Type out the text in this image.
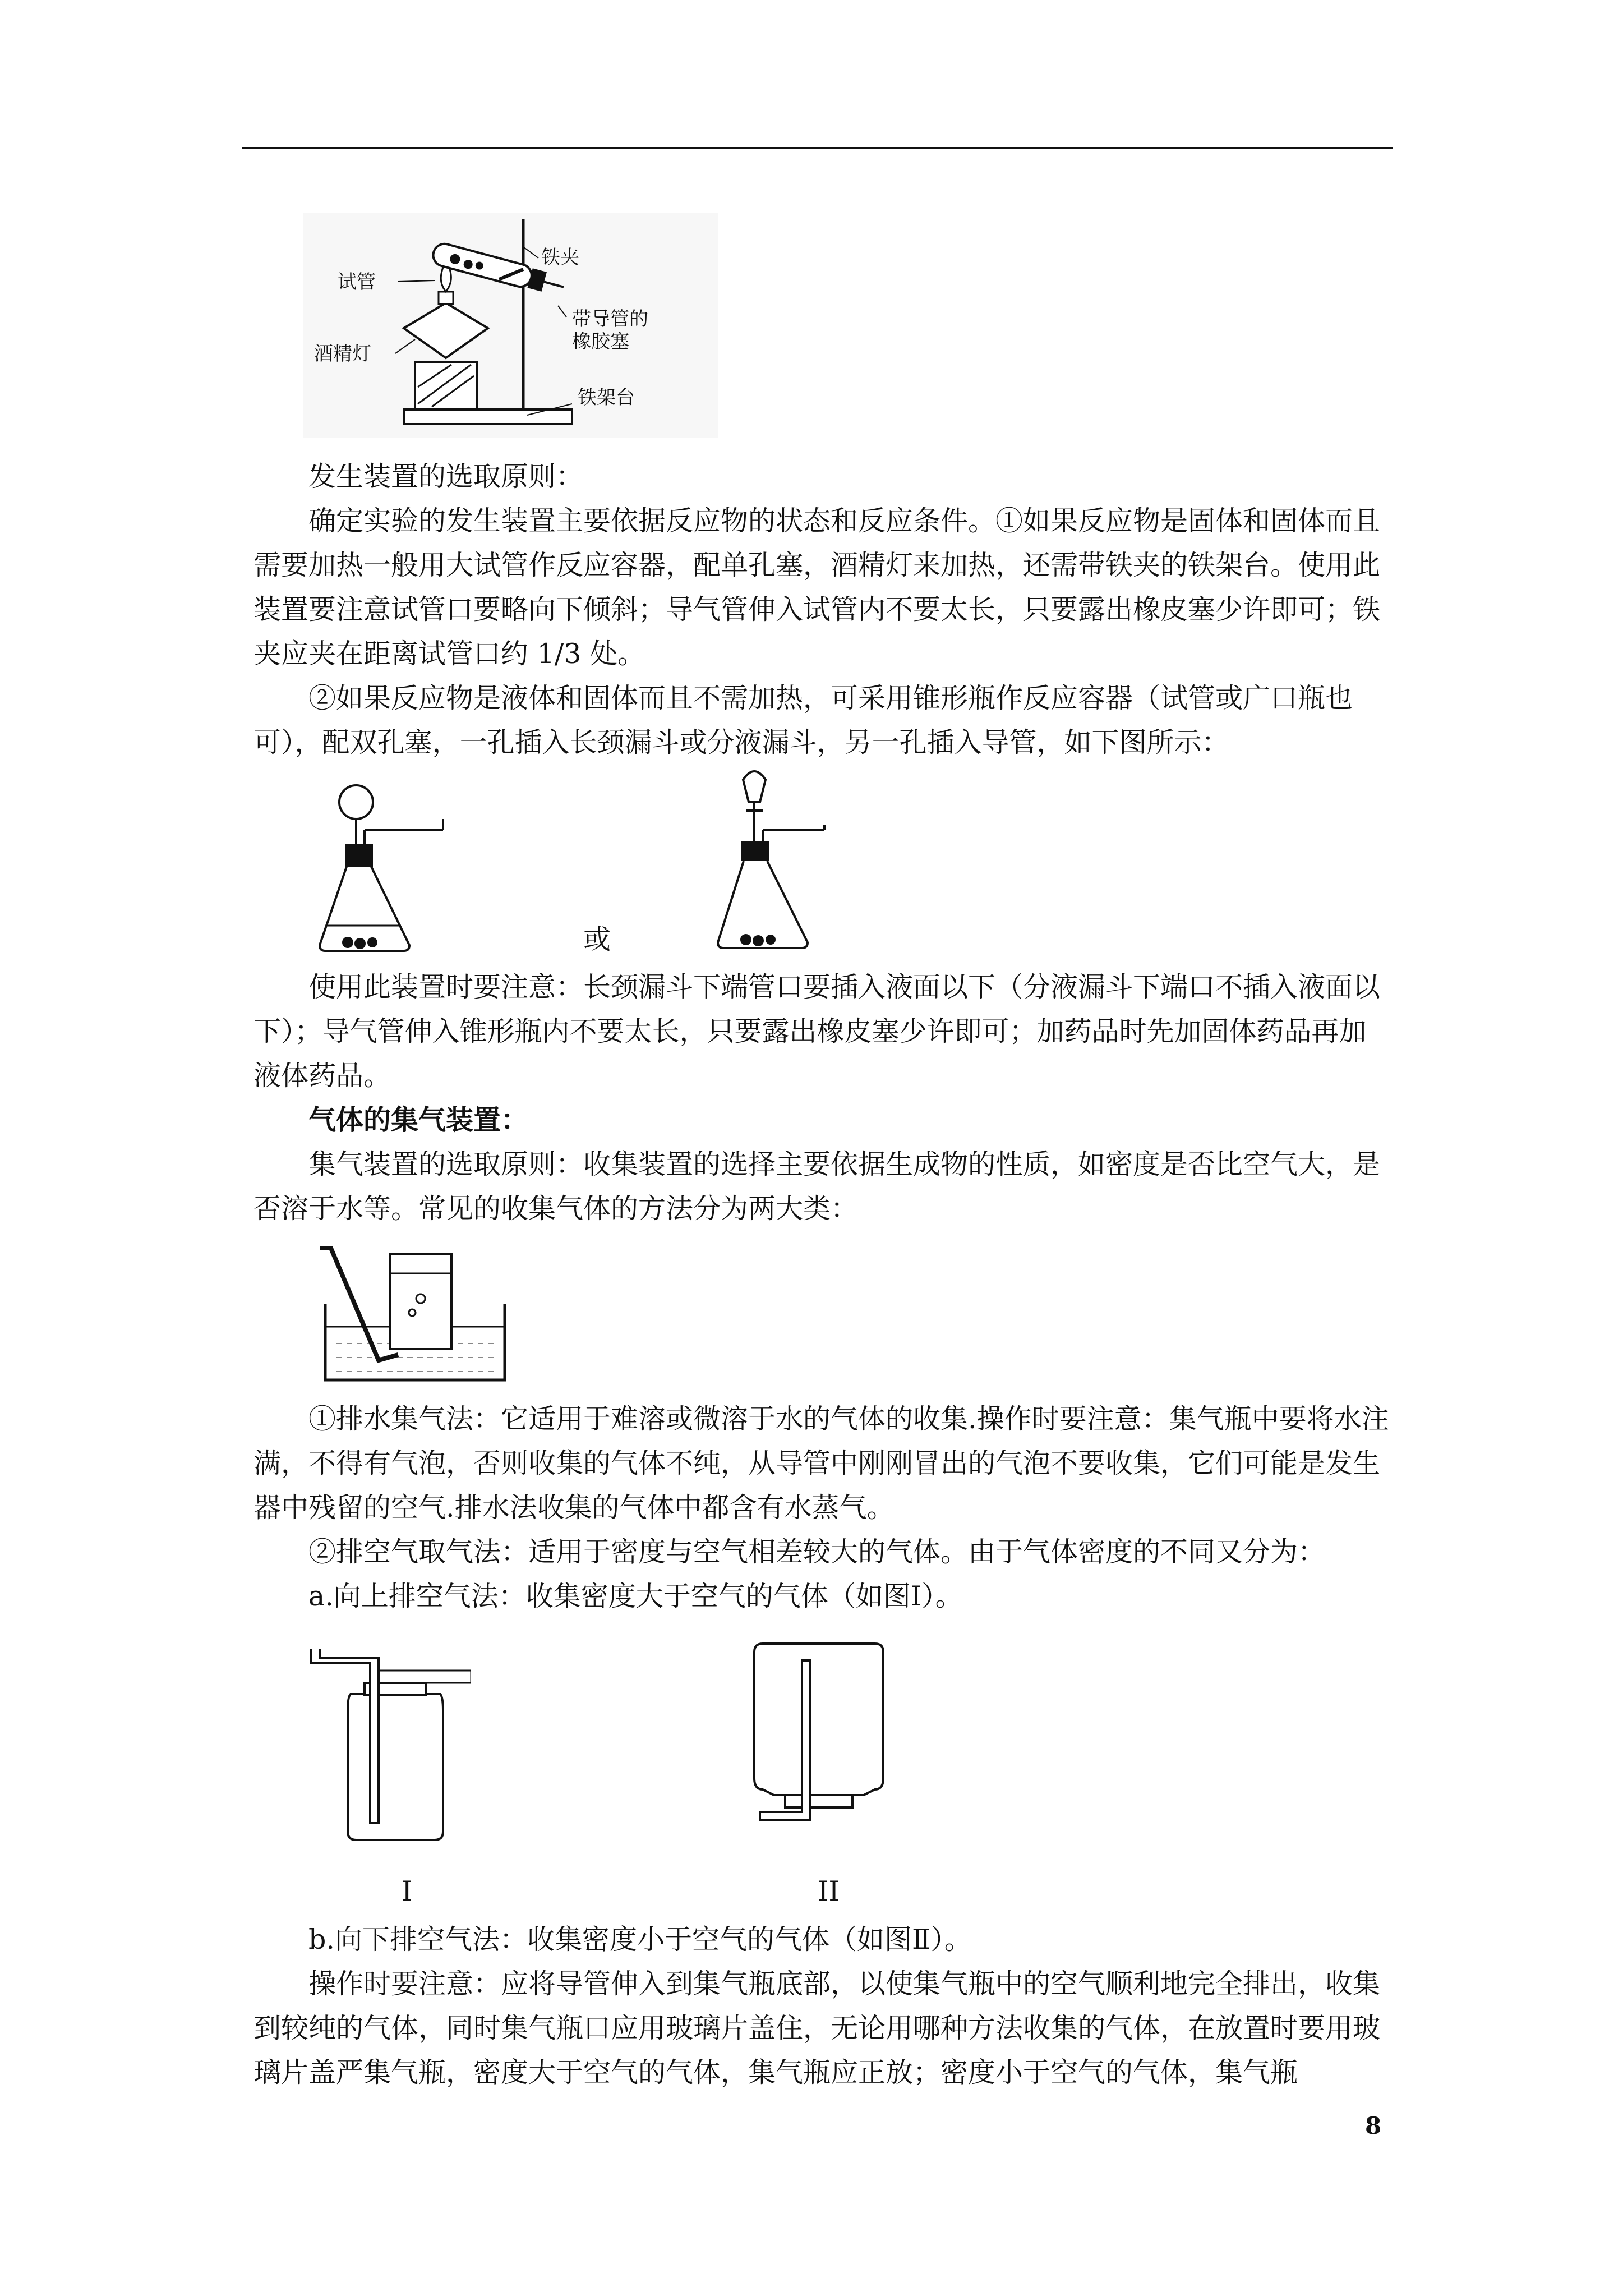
试管
铁夹
带导管的
橡胶塞
酒精灯
铁架台
发生装置的选取原则：
确定实验的发生装置主要依据反应物的状态和反应条件。①如果反应物是固体和固体而且需要加热一般用大试管作反应容器，配单孔塞，酒精灯来加热，还需带铁夹的铁架台。使用此装置要注意试管口要略向下倾斜；导气管伸入试管内不要太长，只要露出橡皮塞少许即可；铁夹应夹在距离试管口约 1/3 处。
②如果反应物是液体和固体而且不需加热，可采用锥形瓶作反应容器（试管或广口瓶也可），配双孔塞，一孔插入长颈漏斗或分液漏斗，另一孔插入导管，如下图所示：
或
使用此装置时要注意：长颈漏斗下端管口要插入液面以下（分液漏斗下端口不插入液面以下）；导气管伸入锥形瓶内不要太长，只要露出橡皮塞少许即可；加药品时先加固体药品再加液体药品。
气体的集气装置：
集气装置的选取原则：收集装置的选择主要依据生成物的性质，如密度是否比空气大，是否溶于水等。常见的收集气体的方法分为两大类：
①排水集气法：它适用于难溶或微溶于水的气体的收集.操作时要注意：集气瓶中要将水注满，不得有气泡，否则收集的气体不纯，从导管中刚刚冒出的气泡不要收集，它们可能是发生器中残留的空气.排水法收集的气体中都含有水蒸气。
②排空气取气法：适用于密度与空气相差较大的气体。由于气体密度的不同又分为：
a.向上排空气法：收集密度大于空气的气体（如图Ⅰ）。
I	II
b.向下排空气法：收集密度小于空气的气体（如图Ⅱ）。
操作时要注意：应将导管伸入到集气瓶底部，以使集气瓶中的空气顺利地完全排出，收集到较纯的气体，同时集气瓶口应用玻璃片盖住，无论用哪种方法收集的气体，在放置时要用玻璃片盖严集气瓶，密度大于空气的气体，集气瓶应正放；密度小于空气的气体，集气瓶
8
